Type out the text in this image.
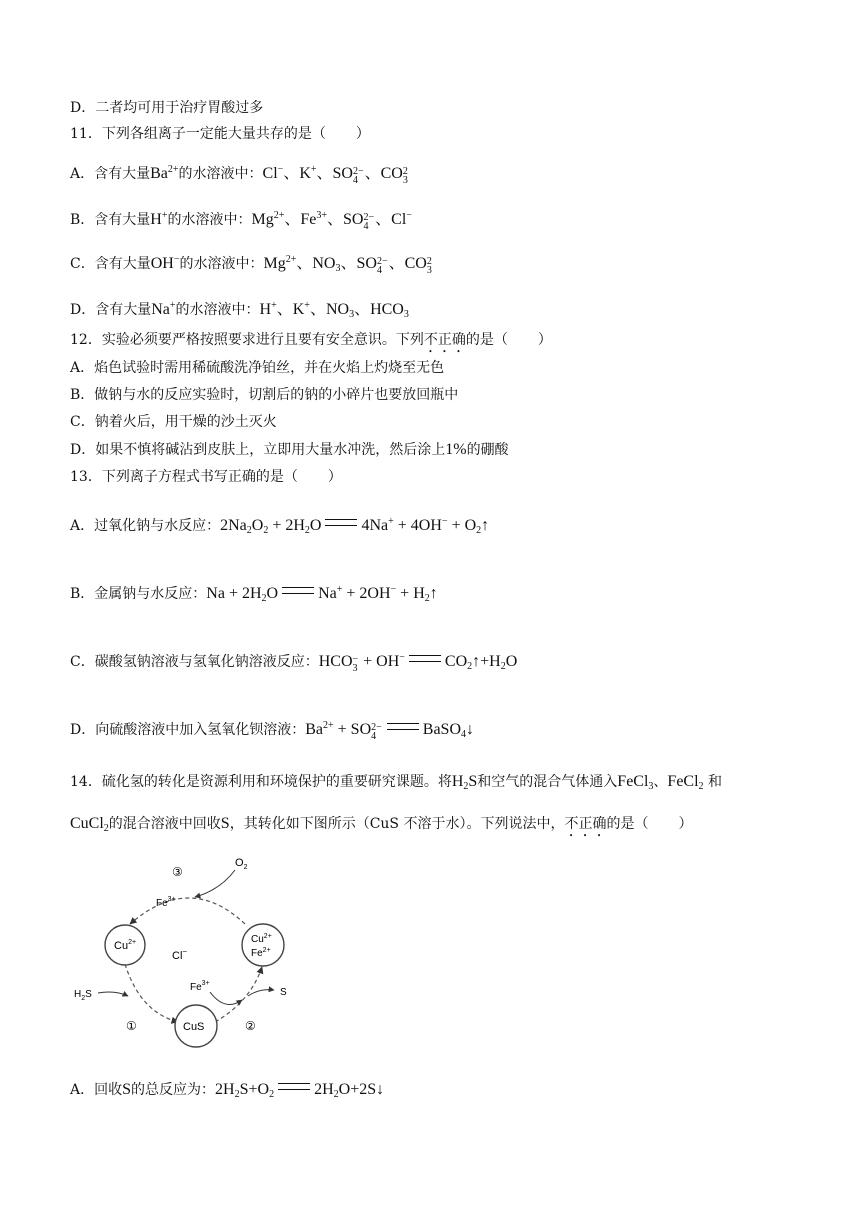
D．二者均可用于治疗胃酸过多
11．下列各组离子一定能大量共存的是（ ）
A．含有大量$Ba^{2+}$的水溶液中：Cl−、K+、SO 2−
4 、CO 2
3
B．含有大量H+的水溶液中：$Mg^{2+}$、$Fe^{3+}$、SO 2−
4 、Cl−
C．含有大量OH−的水溶液中：$Mg^{2+}$、$NO_3$、SO 2−
4 、CO 2
3
D．含有大量Na+的水溶液中：H+、K+、$NO_3$、$HCO_3$
12．实验必须要严格按照要求进行且要有安全意识。下列不正确的是（ ）
A．焰色试验时需用稀硫酸洗净铂丝，并在火焰上灼烧至无色
B．做钠与水的反应实验时，切割后的钠的小碎片也要放回瓶中
C．钠着火后，用干燥的沙土灭火
D．如果不慎将碱沾到皮肤上，立即用大量水冲洗，然后涂上1%的硼酸
13．下列离子方程式书写正确的是（ ）
A．过氧化钠与水反应：$2Na_2O_2 + 2H_2O$	$4Na^+ + 4OH^- + O_2↑$
B．金属钠与水反应：$Na + 2H_2O$	$Na^+ + 2OH^- + H_2↑$
C．碳酸氢钠溶液与氢氧化钠溶液反应：HCO −
3 + OH−	$CO_2↑+H_2O$
D．向硫酸溶液中加入氢氧化钡溶液：$Ba^{2+}$ + SO 2−
4	BaSO$_4$↓
14．硫化氢的转化是资源利用和环境保护的重要研究课题。将$H_2S$和空气的混合气体通入FeCl$_3$、FeCl$_2$ 和
CuCl$_2$的混合溶液中回收S，其转化如下图所示（CuS 不溶于水）。下列说法中，不正确的是（ ）
$Cu^{2+}$	$Cu^{2+}$
$Fe^{2+}$
CuS
Cl−
$O_2$
$Fe^{3+}$
$H_2S$
$Fe^{3+}$
S
①	②
③
A．回收S的总反应为：$2H_2S+O_2$	$2H_2O+2S↓$
